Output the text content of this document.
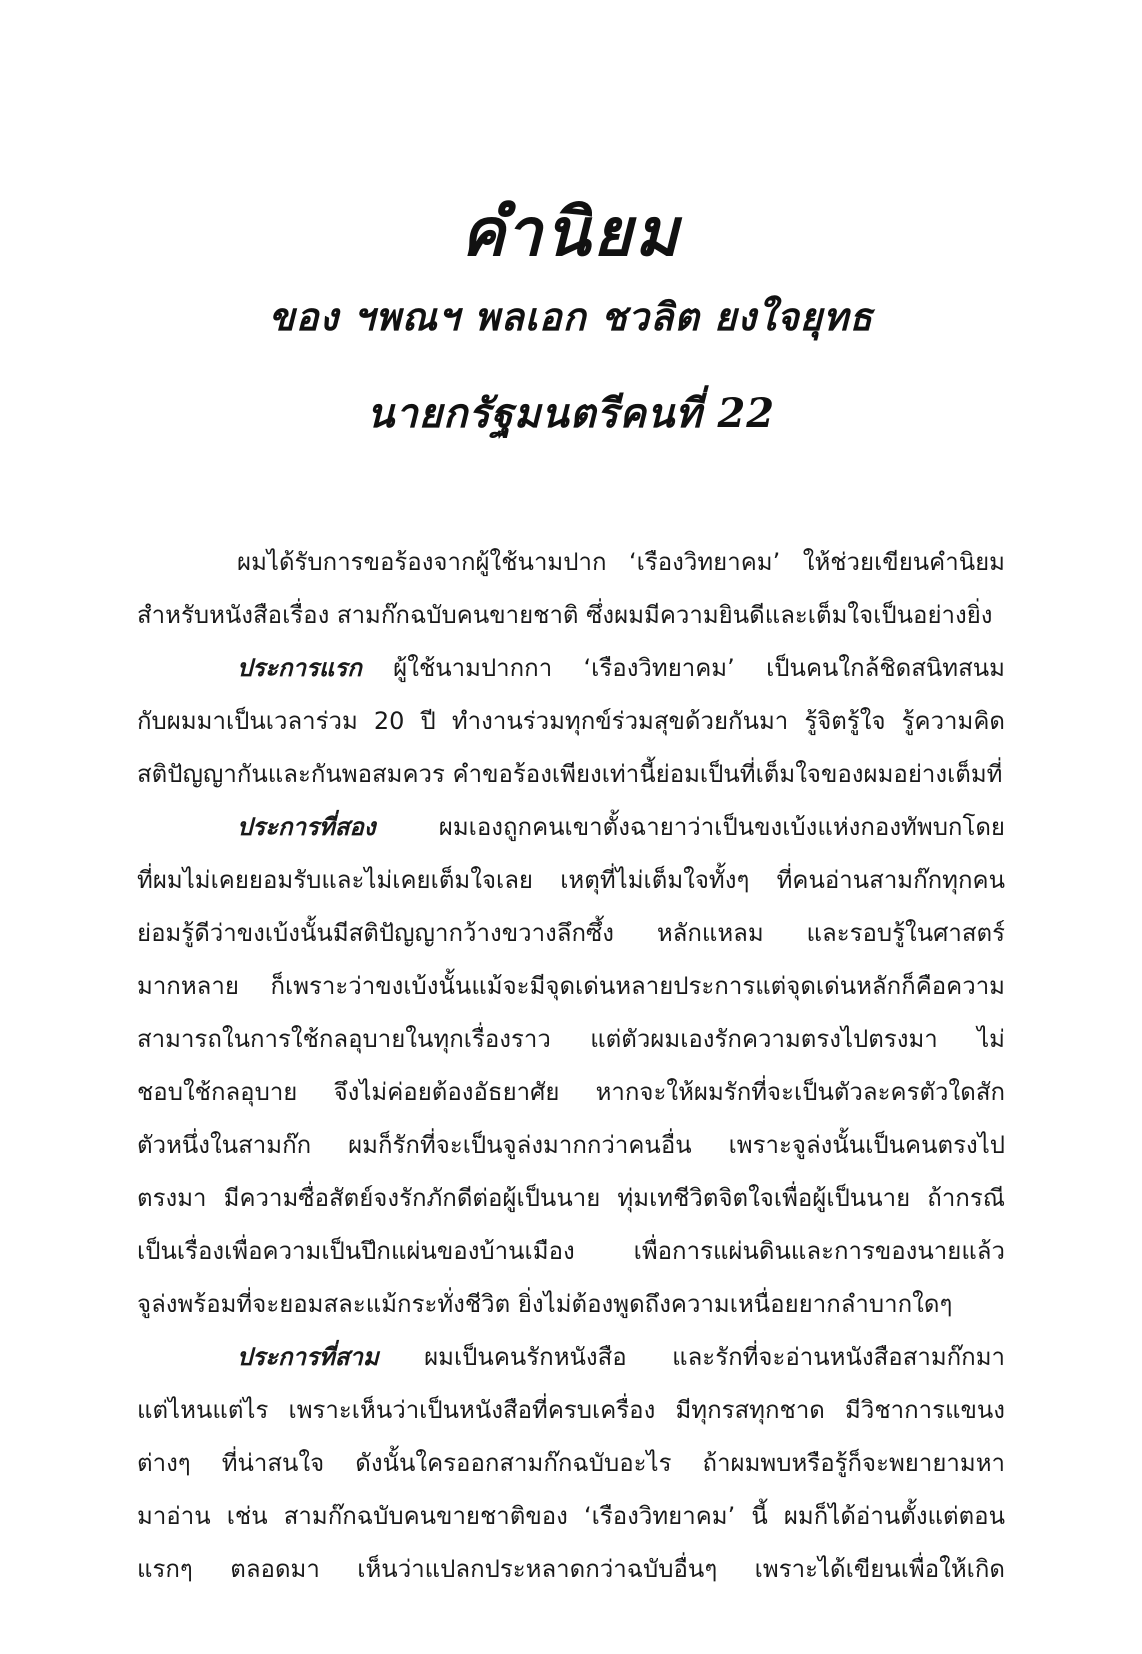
คำนิยม
ของ ฯพณฯ พลเอก ชวลิต ยงใจยุทธ
นายกรัฐมนตรีคนที่ 22
ผมได้รับการขอร้องจากผู้ใช้นามปาก ‘เรืองวิทยาคม’ ให้ช่วยเขียนคำนิยม
สำหรับหนังสือเรื่อง สามก๊กฉบับคนขายชาติ ซึ่งผมมีความยินดีและเต็มใจเป็นอย่างยิ่ง
ประการแรก ผู้ใช้นามปากกา ‘เรืองวิทยาคม’ เป็นคนใกล้ชิดสนิทสนม
กับผมมาเป็นเวลาร่วม 20 ปี ทำงานร่วมทุกข์ร่วมสุขด้วยกันมา รู้จิตรู้ใจ รู้ความคิด
สติปัญญากันและกันพอสมควร คำขอร้องเพียงเท่านี้ย่อมเป็นที่เต็มใจของผมอย่างเต็มที่
ประการที่สอง ผมเองถูกคนเขาตั้งฉายาว่าเป็นขงเบ้งแห่งกองทัพบกโดย
ที่ผมไม่เคยยอมรับและไม่เคยเต็มใจเลย เหตุที่ไม่เต็มใจทั้งๆ ที่คนอ่านสามก๊กทุกคน
ย่อมรู้ดีว่าขงเบ้งนั้นมีสติปัญญากว้างขวางลึกซึ้ง หลักแหลม และรอบรู้ในศาสตร์
มากหลาย ก็เพราะว่าขงเบ้งนั้นแม้จะมีจุดเด่นหลายประการแต่จุดเด่นหลักก็คือความ
สามารถในการใช้กลอุบายในทุกเรื่องราว แต่ตัวผมเองรักความตรงไปตรงมา ไม่
ชอบใช้กลอุบาย จึงไม่ค่อยต้องอัธยาศัย หากจะให้ผมรักที่จะเป็นตัวละครตัวใดสัก
ตัวหนึ่งในสามก๊ก ผมก็รักที่จะเป็นจูล่งมากกว่าคนอื่น เพราะจูล่งนั้นเป็นคนตรงไป
ตรงมา มีความซื่อสัตย์จงรักภักดีต่อผู้เป็นนาย ทุ่มเทชีวิตจิตใจเพื่อผู้เป็นนาย ถ้ากรณี
เป็นเรื่องเพื่อความเป็นปึกแผ่นของบ้านเมือง เพื่อการแผ่นดินและการของนายแล้ว
จูล่งพร้อมที่จะยอมสละแม้กระทั่งชีวิต ยิ่งไม่ต้องพูดถึงความเหนื่อยยากลำบากใดๆ
ประการที่สาม ผมเป็นคนรักหนังสือ และรักที่จะอ่านหนังสือสามก๊กมา
แต่ไหนแต่ไร เพราะเห็นว่าเป็นหนังสือที่ครบเครื่อง มีทุกรสทุกชาด มีวิชาการแขนง
ต่างๆ ที่น่าสนใจ ดังนั้นใครออกสามก๊กฉบับอะไร ถ้าผมพบหรือรู้ก็จะพยายามหา
มาอ่าน เช่น สามก๊กฉบับคนขายชาติของ ‘เรืองวิทยาคม’ นี้ ผมก็ได้อ่านตั้งแต่ตอน
แรกๆ ตลอดมา เห็นว่าแปลกประหลาดกว่าฉบับอื่นๆ เพราะได้เขียนเพื่อให้เกิด
